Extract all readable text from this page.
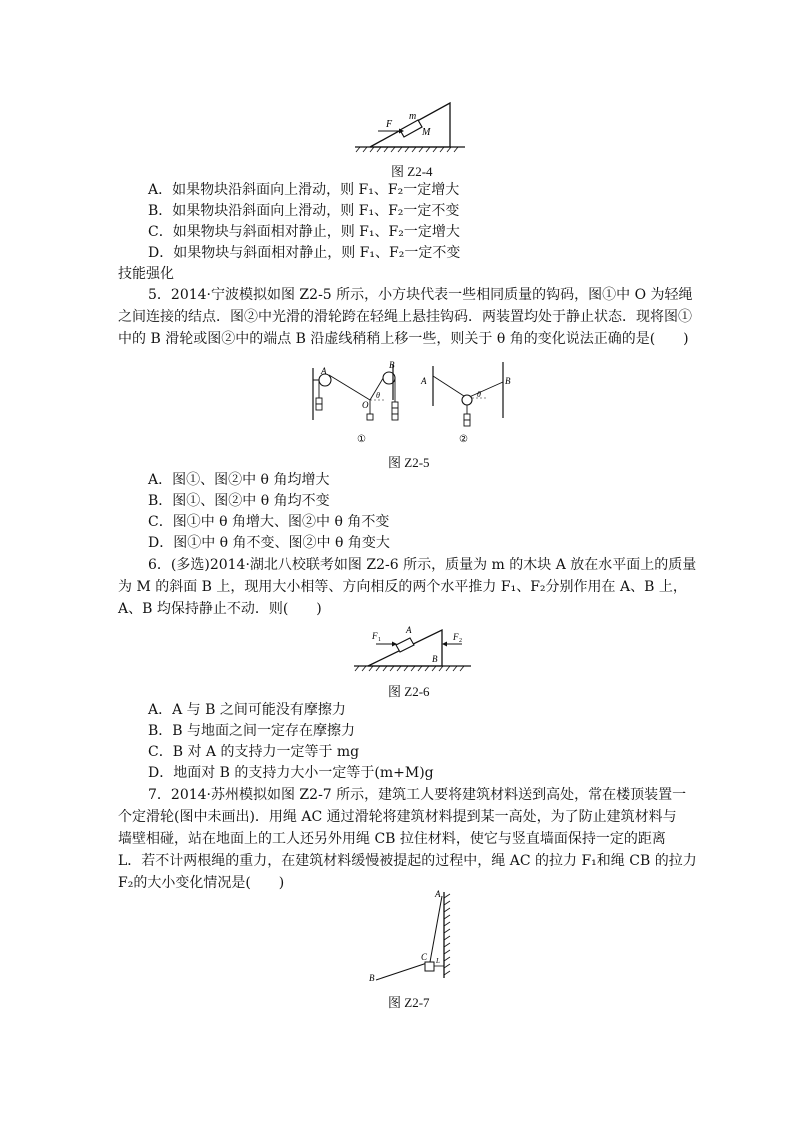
F
m
M
图 Z2-4
A．如果物块沿斜面向上滑动，则 F₁、F₂一定增大
B．如果物块沿斜面向上滑动，则 F₁、F₂一定不变
C．如果物块与斜面相对静止，则 F₁、F₂一定增大
D．如果物块与斜面相对静止，则 F₁、F₂一定不变
技能强化
5．2014·宁波模拟如图 Z2-5 所示，小方块代表一些相同质量的钩码，图①中 O 为轻绳
之间连接的结点．图②中光滑的滑轮跨在轻绳上悬挂钩码．两装置均处于静止状态．现将图①
中的 B 滑轮或图②中的端点 B 沿虚线稍稍上移一些，则关于 θ 角的变化说法正确的是(　　)
A
B
O
θ
A	B
θ
①	②
图 Z2-5
A．图①、图②中 θ 角均增大
B．图①、图②中 θ 角均不变
C．图①中 θ 角增大、图②中 θ 角不变
D．图①中 θ 角不变、图②中 θ 角变大
6．(多选)2014·湖北八校联考如图 Z2-6 所示，质量为 m 的木块 A 放在水平面上的质量
为 M 的斜面 B 上，现用大小相等、方向相反的两个水平推力 F₁、F₂分别作用在 A、B 上，
A、B 均保持静止不动．则(　　)
F 1
A
F 2
B
图 Z2-6
A．A 与 B 之间可能没有摩擦力
B．B 与地面之间一定存在摩擦力
C．B 对 A 的支持力一定等于 mg
D．地面对 B 的支持力大小一定等于(m+M)g
7．2014·苏州模拟如图 Z2-7 所示，建筑工人要将建筑材料送到高处，常在楼顶装置一
个定滑轮(图中未画出)．用绳 AC 通过滑轮将建筑材料提到某一高处，为了防止建筑材料与
墙壁相碰，站在地面上的工人还另外用绳 CB 拉住材料，使它与竖直墙面保持一定的距离
L．若不计两根绳的重力，在建筑材料缓慢被提起的过程中，绳 AC 的拉力 F₁和绳 CB 的拉力
F₂的大小变化情况是(　　)
A
B
C L
图 Z2-7
